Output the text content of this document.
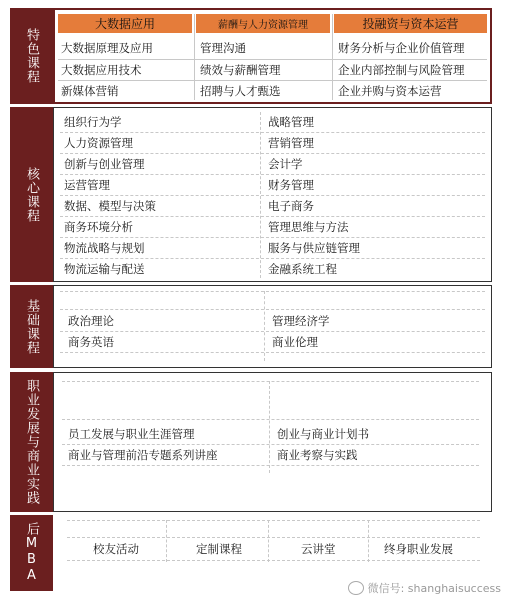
特色课程
大数据应用	薪酬与人力资源管理	投融资与资本运营
大数据原理及应用	管理沟通	财务分析与企业价值管理
大数据应用技术	绩效与薪酬管理	企业内部控制与风险管理
新媒体营销	招聘与人才甄选	企业并购与资本运营
核心课程
组织行为学	战略管理
人力资源管理	营销管理
创新与创业管理	会计学
运营管理	财务管理
数据、模型与决策	电子商务
商务环境分析	管理思维与方法
物流战略与规划	服务与供应链管理
物流运输与配送	金融系统工程
基础课程	政治理论	管理经济学
商务英语	商业伦理
职业发展与商业实践	员工发展与职业生涯管理	创业与商业计划书
商业与管理前沿专题系列讲座	商业考察与实践
后MBA	校友活动	定制课程	云讲堂	终身职业发展
微信号: shanghaisuccess
